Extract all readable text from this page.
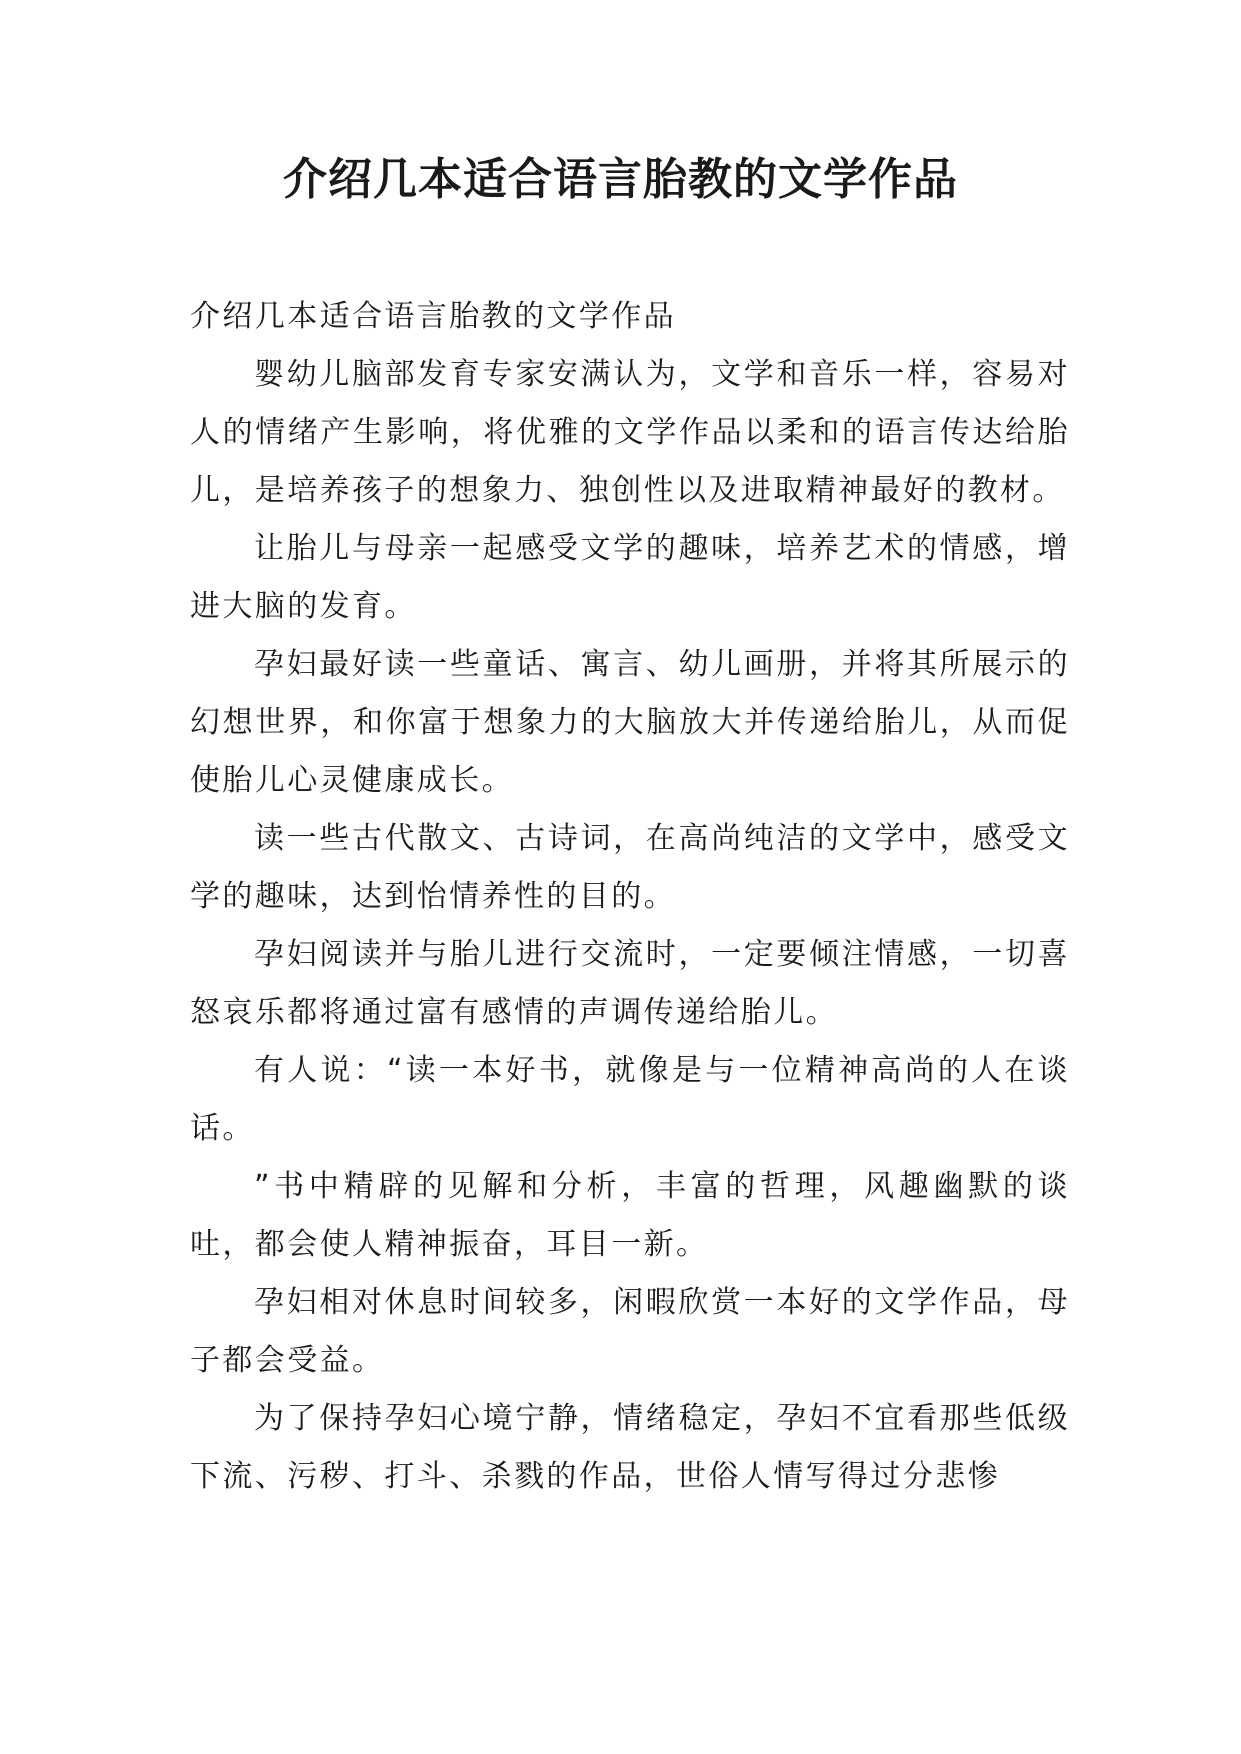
介绍几本适合语言胎教的文学作品

介绍几本适合语言胎教的文学作品

婴幼儿脑部发育专家安满认为，文学和音乐一样，容易对人的情绪产生影响，将优雅的文学作品以柔和的语言传达给胎儿，是培养孩子的想象力、独创性以及进取精神最好的教材。

让胎儿与母亲一起感受文学的趣味，培养艺术的情感，增进大脑的发育。

孕妇最好读一些童话、寓言、幼儿画册，并将其所展示的幻想世界，和你富于想象力的大脑放大并传递给胎儿，从而促使胎儿心灵健康成长。

读一些古代散文、古诗词，在高尚纯洁的文学中，感受文学的趣味，达到怡情养性的目的。

孕妇阅读并与胎儿进行交流时，一定要倾注情感，一切喜怒哀乐都将通过富有感情的声调传递给胎儿。

有人说：“读一本好书，就像是与一位精神高尚的人在谈话。

”书中精辟的见解和分析，丰富的哲理，风趣幽默的谈吐，都会使人精神振奋，耳目一新。

孕妇相对休息时间较多，闲暇欣赏一本好的文学作品，母子都会受益。

为了保持孕妇心境宁静，情绪稳定，孕妇不宜看那些低级下流、污秽、打斗、杀戮的作品，世俗人情写得过分悲惨
